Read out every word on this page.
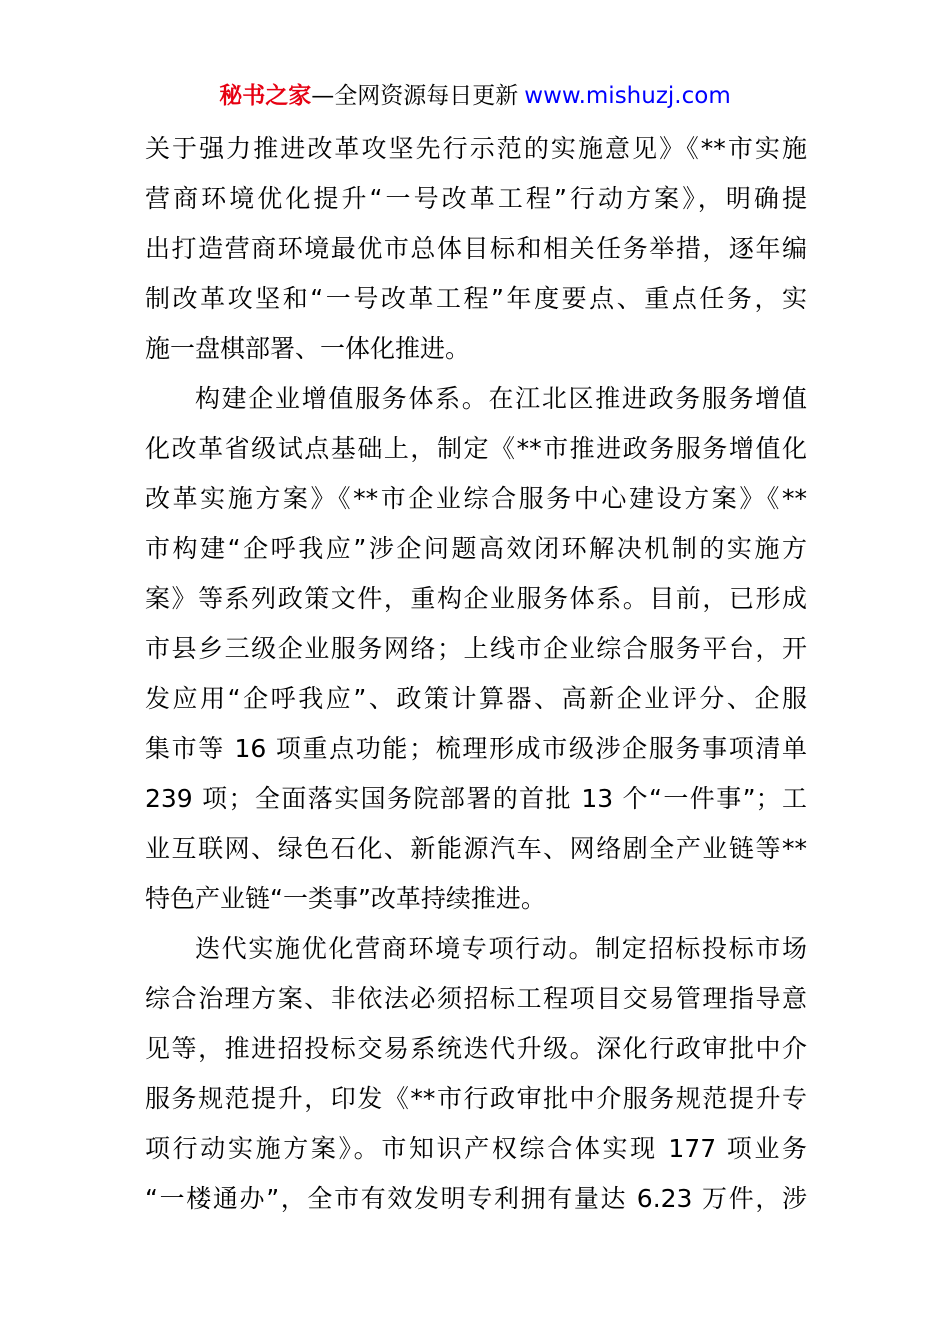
秘书之家—全网资源每日更新 www.mishuzj.com
关于强力推进改革攻坚先行示范的实施意见》《**市实施
营商环境优化提升“一号改革工程”行动方案》，明确提
出打造营商环境最优市总体目标和相关任务举措，逐年编
制改革攻坚和“一号改革工程”年度要点、重点任务，实
施一盘棋部署、一体化推进。
构建企业增值服务体系。在江北区推进政务服务增值
化改革省级试点基础上，制定《**市推进政务服务增值化
改革实施方案》《**市企业综合服务中心建设方案》《**
市构建“企呼我应”涉企问题高效闭环解决机制的实施方
案》等系列政策文件，重构企业服务体系。目前，已形成
市县乡三级企业服务网络；上线市企业综合服务平台，开
发应用“企呼我应”、政策计算器、高新企业评分、企服
集市等 16 项重点功能；梳理形成市级涉企服务事项清单
239 项；全面落实国务院部署的首批 13 个“一件事”；工
业互联网、绿色石化、新能源汽车、网络剧全产业链等**
特色产业链“一类事”改革持续推进。
迭代实施优化营商环境专项行动。制定招标投标市场
综合治理方案、非依法必须招标工程项目交易管理指导意
见等，推进招投标交易系统迭代升级。深化行政审批中介
服务规范提升，印发《**市行政审批中介服务规范提升专
项行动实施方案》。市知识产权综合体实现 177 项业务
“一楼通办”，全市有效发明专利拥有量达 6.23 万件，涉
